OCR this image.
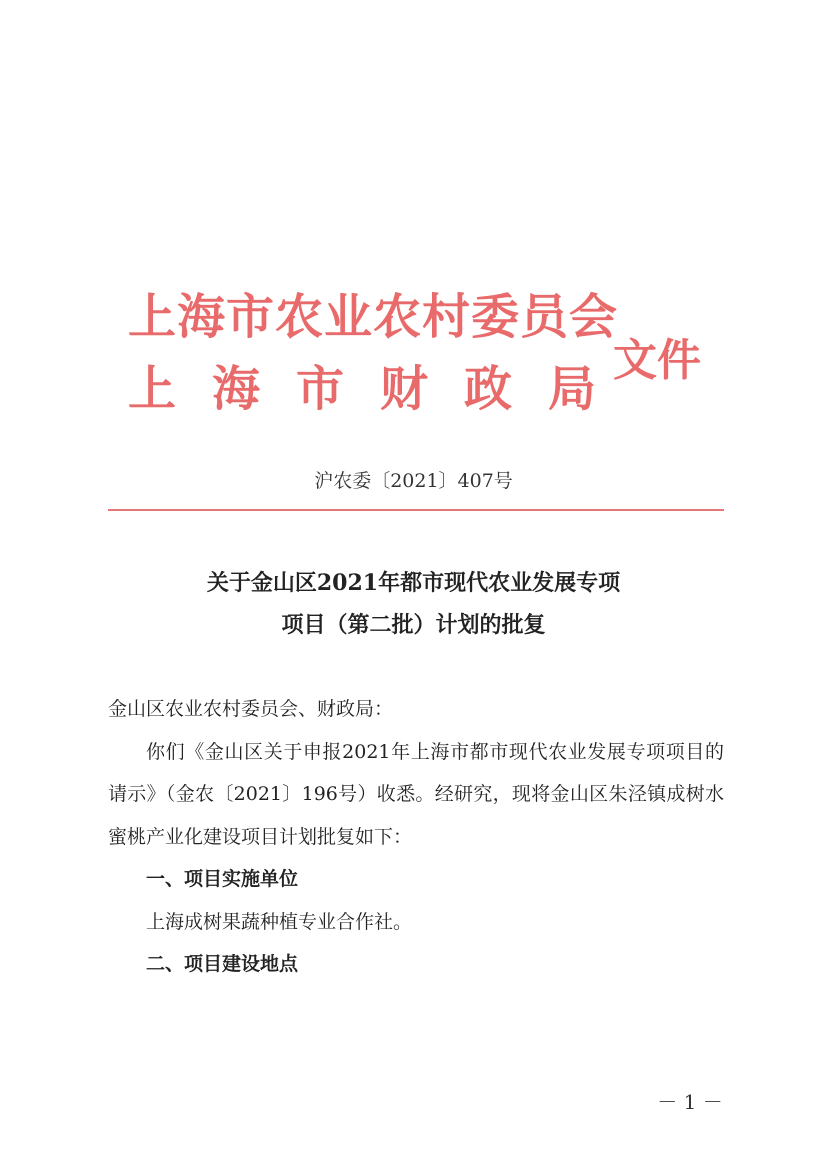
上海市农业农村委员会
上海市财政局
文件
沪农委〔2021〕407号
关于金山区2021年都市现代农业发展专项
项目（第二批）计划的批复

金山区农业农村委员会、财政局：

你们《金山区关于申报2021年上海市都市现代农业发展专项项目的请示》（金农〔2021〕196号）收悉。经研究，现将金山区朱泾镇成树水蜜桃产业化建设项目计划批复如下：

一、项目实施单位

上海成树果蔬种植专业合作社。

二、项目建设地点

－ 1 －
